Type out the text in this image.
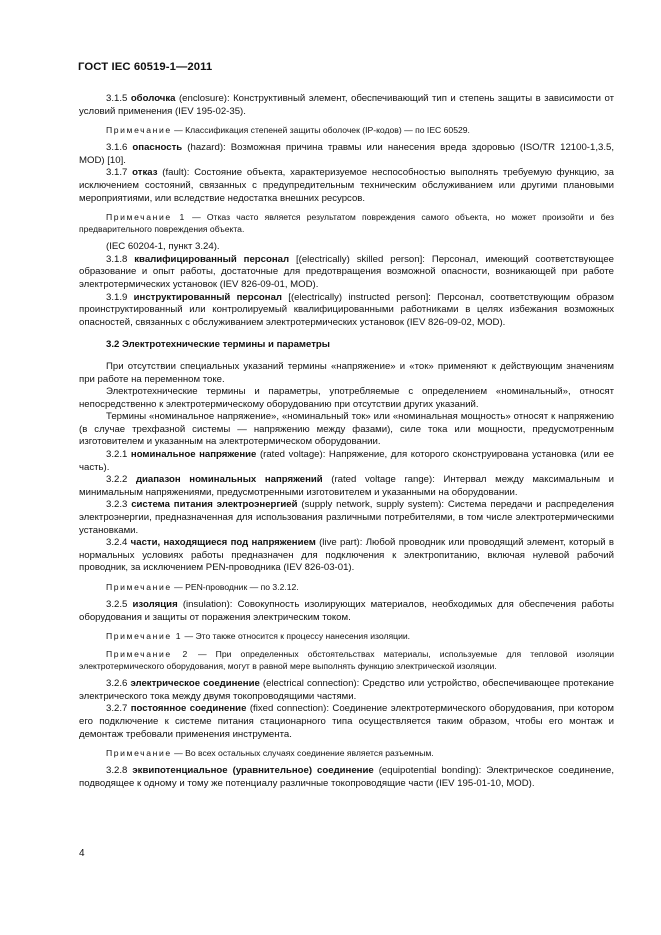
ГОСТ IEC 60519-1—2011

3.1.5 оболочка (enclosure): Конструктивный элемент, обеспечивающий тип и степень защиты в зависимости от условий применения (IEV 195-02-35).

Примечание — Классификация степеней защиты оболочек (IP-кодов) — по IEC 60529.

3.1.6 опасность (hazard): Возможная причина травмы или нанесения вреда здоровью (ISO/TR 12100-1,3.5, MOD) [10].

3.1.7 отказ (fault): Состояние объекта, характеризуемое неспособностью выполнять требуемую функцию, за исключением состояний, связанных с предупредительным техническим обслуживанием или другими плановыми мероприятиями, или вследствие недостатка внешних ресурсов.

Примечание 1 — Отказ часто является результатом повреждения самого объекта, но может произойти и без предварительного повреждения объекта.

(IEC 60204-1, пункт 3.24).

3.1.8 квалифицированный персонал [(electrically) skilled person]: Персонал, имеющий соответствующее образование и опыт работы, достаточные для предотвращения возможной опасности, возникающей при работе электротермических установок (IEV 826-09-01, MOD).

3.1.9 инструктированный персонал [(electrically) instructed person]: Персонал, соответствующим образом проинструктированный или контролируемый квалифицированными работниками в целях избежания возможных опасностей, связанных с обслуживанием электротермических установок (IEV 826-09-02, MOD).

3.2 Электротехнические термины и параметры

При отсутствии специальных указаний термины «напряжение» и «ток» применяют к действующим значениям при работе на переменном токе.

Электротехнические термины и параметры, употребляемые с определением «номинальный», относят непосредственно к электротермическому оборудованию при отсутствии других указаний.

Термины «номинальное напряжение», «номинальный ток» или «номинальная мощность» относят к напряжению (в случае трехфазной системы — напряжению между фазами), силе тока или мощности, предусмотренным изготовителем и указанным на электротермическом оборудовании.

3.2.1 номинальное напряжение (rated voltage): Напряжение, для которого сконструирована установка (или ее часть).

3.2.2 диапазон номинальных напряжений (rated voltage range): Интервал между максимальным и минимальным напряжениями, предусмотренными изготовителем и указанными на оборудовании.

3.2.3 система питания электроэнергией (supply network, supply system): Система передачи и распределения электроэнергии, предназначенная для использования различными потребителями, в том числе электротермическими установками.

3.2.4 части, находящиеся под напряжением (live part): Любой проводник или проводящий элемент, который в нормальных условиях работы предназначен для подключения к электропитанию, включая нулевой рабочий проводник, за исключением PEN-проводника (IEV 826-03-01).

Примечание — PEN-проводник — по 3.2.12.

3.2.5 изоляция (insulation): Совокупность изолирующих материалов, необходимых для обеспечения работы оборудования и защиты от поражения электрическим током.

Примечание 1 — Это также относится к процессу нанесения изоляции.

Примечание 2 — При определенных обстоятельствах материалы, используемые для тепловой изоляции электротермического оборудования, могут в равной мере выполнять функцию электрической изоляции.

3.2.6 электрическое соединение (electrical connection): Средство или устройство, обеспечивающее протекание электрического тока между двумя токопроводящими частями.

3.2.7 постоянное соединение (fixed connection): Соединение электротермического оборудования, при котором его подключение к системе питания стационарного типа осуществляется таким образом, чтобы его монтаж и демонтаж требовали применения инструмента.

Примечание — Во всех остальных случаях соединение является разъемным.

3.2.8 эквипотенциальное (уравнительное) соединение (equipotential bonding): Электрическое соединение, подводящее к одному и тому же потенциалу различные токопроводящие части (IEV 195-01-10, MOD).

4
